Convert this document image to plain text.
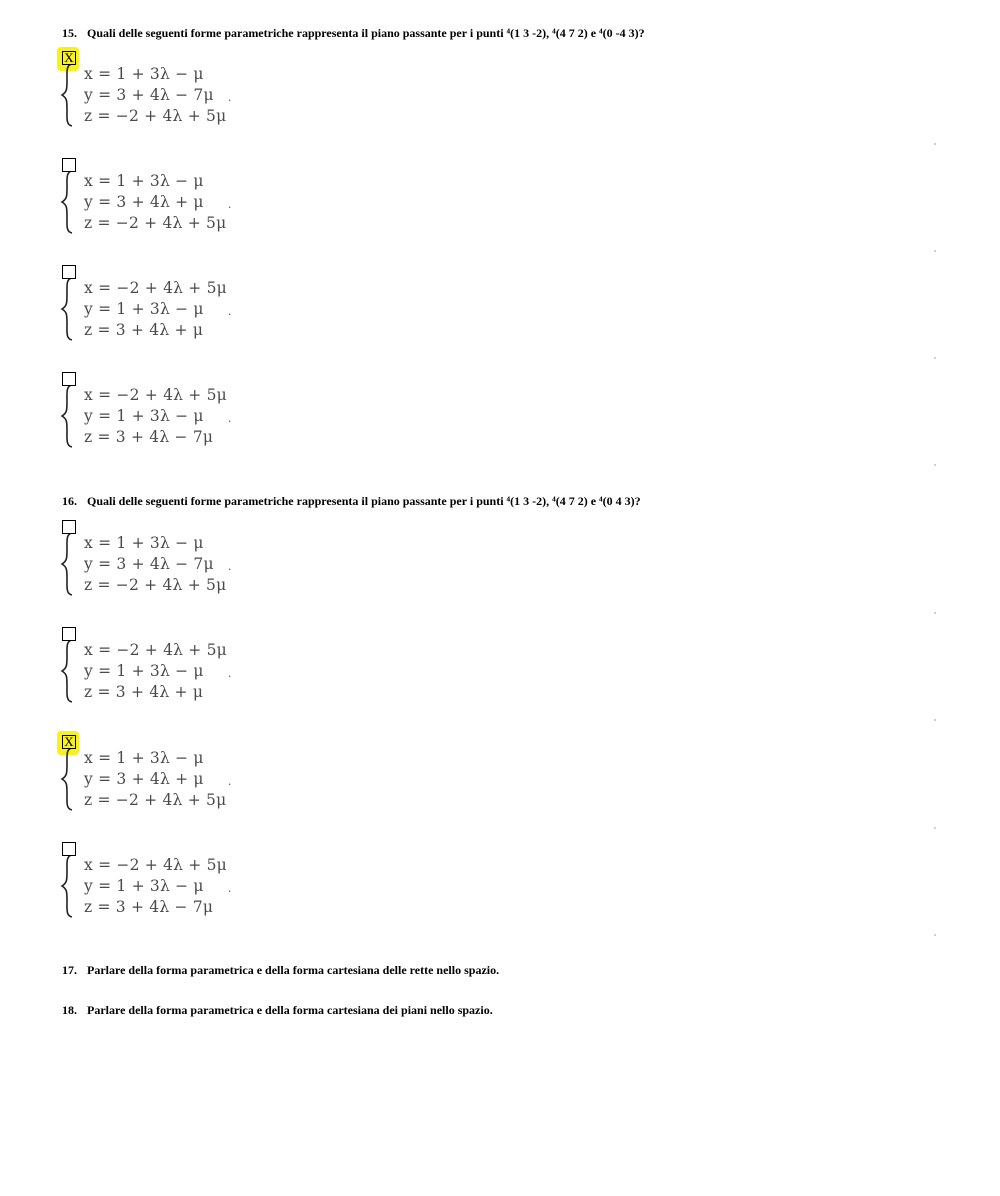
15. Quali delle seguenti forme parametriche rappresenta il piano passante per i punti ⁴(1 3 -2), ⁴(4 7 2) e ⁴(0 -4 3)?
X
x = 1 + 3λ − μ
y = 3 + 4λ − 7μ
z = −2 + 4λ + 5μ
.
x = 1 + 3λ − μ
y = 3 + 4λ + μ
z = −2 + 4λ + 5μ
.
x = −2 + 4λ + 5μ
y = 1 + 3λ − μ
z = 3 + 4λ + μ
.
x = −2 + 4λ + 5μ
y = 1 + 3λ − μ
z = 3 + 4λ − 7μ
.
16. Quali delle seguenti forme parametriche rappresenta il piano passante per i punti ⁴(1 3 -2), ⁴(4 7 2) e ⁴(0 4 3)?
x = 1 + 3λ − μ
y = 3 + 4λ − 7μ
z = −2 + 4λ + 5μ
.
x = −2 + 4λ + 5μ
y = 1 + 3λ − μ
z = 3 + 4λ + μ
.
X
x = 1 + 3λ − μ
y = 3 + 4λ + μ
z = −2 + 4λ + 5μ
.
x = −2 + 4λ + 5μ
y = 1 + 3λ − μ
z = 3 + 4λ − 7μ
.
17. Parlare della forma parametrica e della forma cartesiana delle rette nello spazio.
18. Parlare della forma parametrica e della forma cartesiana dei piani nello spazio.
